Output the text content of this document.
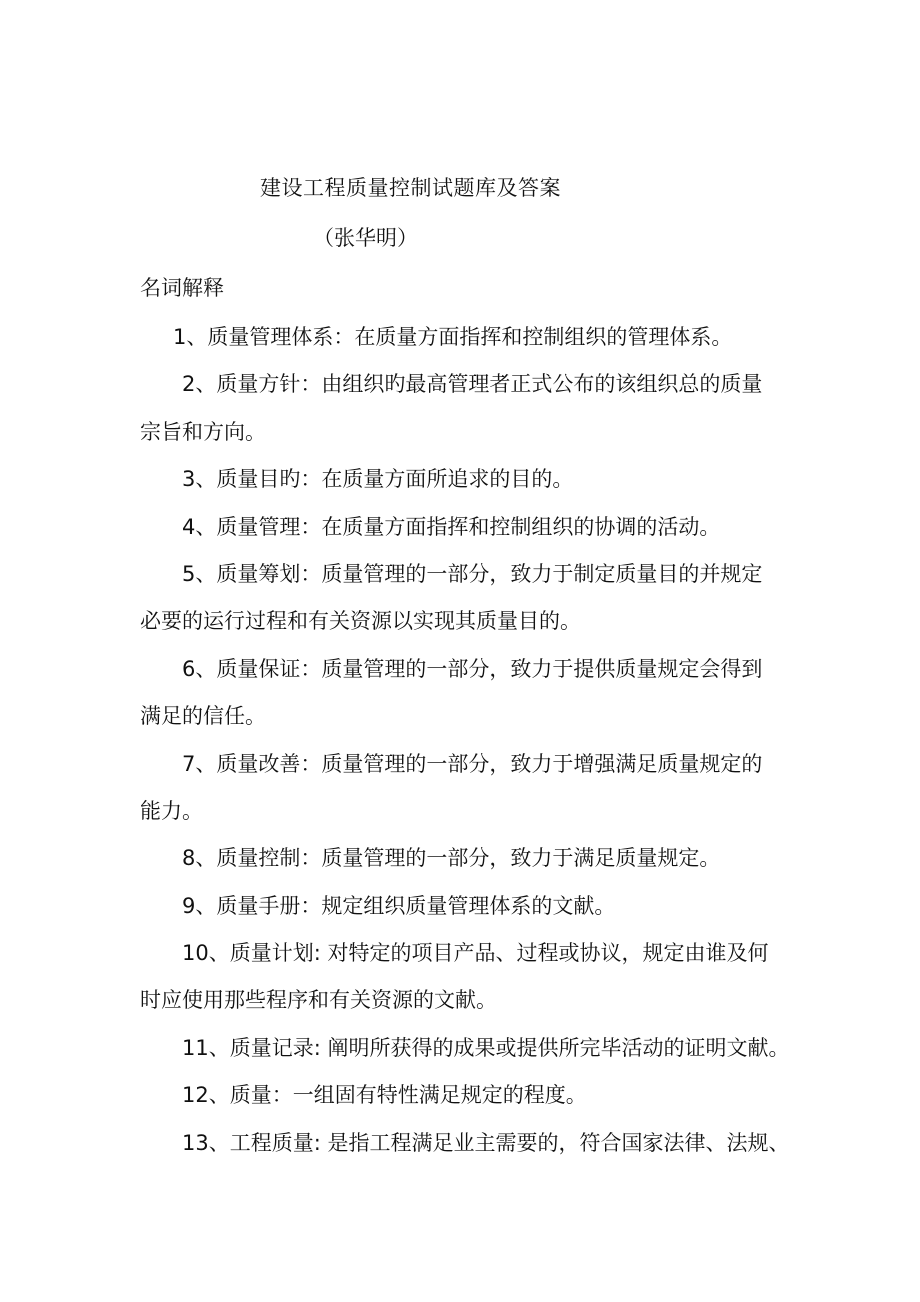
建设工程质量控制试题库及答案
（张华明）
名词解释
1、质量管理体系：在质量方面指挥和控制组织的管理体系。
2、质量方针：由组织旳最高管理者正式公布的该组织总的质量
宗旨和方向。
3、质量目旳：在质量方面所追求的目的。
4、质量管理：在质量方面指挥和控制组织的协调的活动。
5、质量筹划：质量管理的一部分，致力于制定质量目的并规定
必要的运行过程和有关资源以实现其质量目的。
6、质量保证：质量管理的一部分，致力于提供质量规定会得到
满足的信任。
7、质量改善：质量管理的一部分，致力于增强满足质量规定的
能力。
8、质量控制：质量管理的一部分，致力于满足质量规定。
9、质量手册：规定组织质量管理体系的文献。
10、质量计划: 对特定的项目产品、过程或协议，规定由谁及何
时应使用那些程序和有关资源的文献。
11、质量记录: 阐明所获得的成果或提供所完毕活动的证明文献。
12、质量：一组固有特性满足规定的程度。
13、工程质量: 是指工程满足业主需要的，符合国家法律、法规、
